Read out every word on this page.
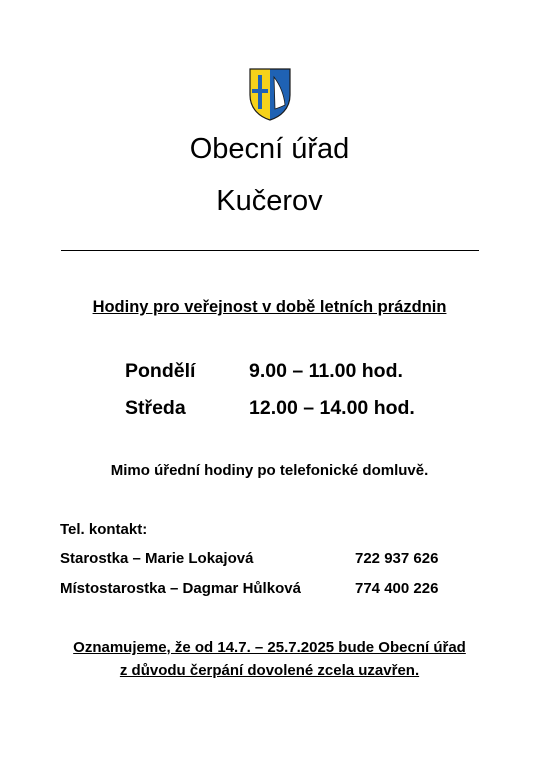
Obecní úřad
Kučerov
Hodiny pro veřejnost v době letních prázdnin
Pondělí	9.00 – 11.00 hod.
Středa	12.00 – 14.00 hod.
Mimo úřední hodiny po telefonické domluvě.
Tel. kontakt:
Starostka – Marie Lokajová	722 937 626
Místostarostka – Dagmar Hůlková	774 400 226
Oznamujeme, že od 14.7. – 25.7.2025 bude Obecní úřad
z důvodu čerpání dovolené zcela uzavřen.
